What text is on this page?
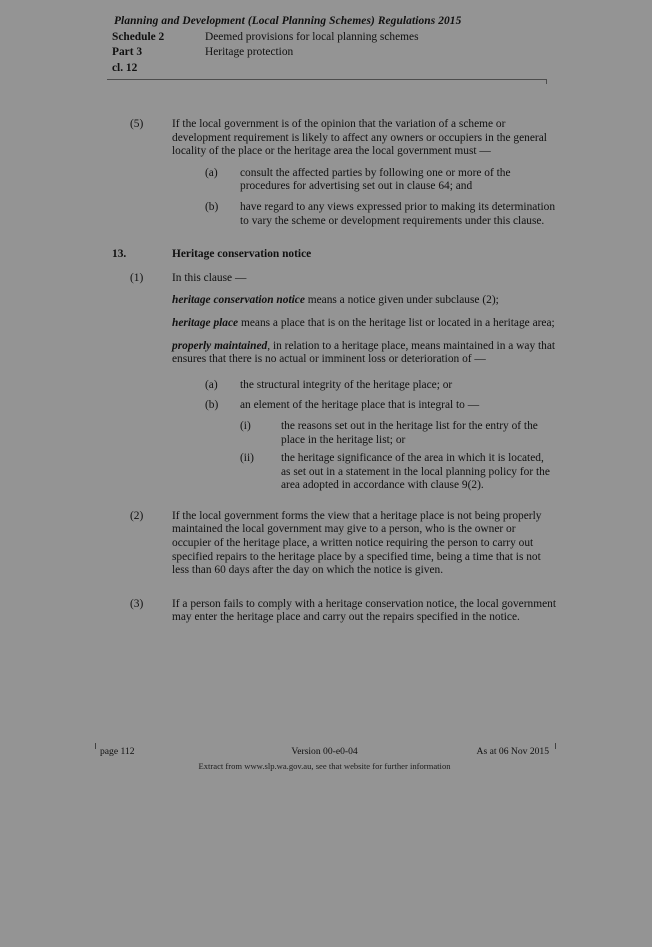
Planning and Development (Local Planning Schemes) Regulations 2015
Schedule 2	Deemed provisions for local planning schemes
Part 3	Heritage protection
cl. 12
(5)	If the local government is of the opinion that the variation of a scheme or development requirement is likely to affect any owners or occupiers in the general locality of the place or the heritage area the local government must —
(a)	consult the affected parties by following one or more of the procedures for advertising set out in clause 64; and
(b)	have regard to any views expressed prior to making its determination to vary the scheme or development requirements under this clause.
13.	Heritage conservation notice
(1)	In this clause —
heritage conservation notice means a notice given under subclause (2);
heritage place means a place that is on the heritage list or located in a heritage area;
properly maintained, in relation to a heritage place, means maintained in a way that ensures that there is no actual or imminent loss or deterioration of —
(a)	the structural integrity of the heritage place; or
(b)	an element of the heritage place that is integral to —
(i)	the reasons set out in the heritage list for the entry of the place in the heritage list; or
(ii)	the heritage significance of the area in which it is located, as set out in a statement in the local planning policy for the area adopted in accordance with clause 9(2).
(2)	If the local government forms the view that a heritage place is not being properly maintained the local government may give to a person, who is the owner or occupier of the heritage place, a written notice requiring the person to carry out specified repairs to the heritage place by a specified time, being a time that is not less than 60 days after the day on which the notice is given.
(3)	If a person fails to comply with a heritage conservation notice, the local government may enter the heritage place and carry out the repairs specified in the notice.
page 112	Version 00-e0-04	As at 06 Nov 2015
Extract from www.slp.wa.gov.au, see that website for further information
